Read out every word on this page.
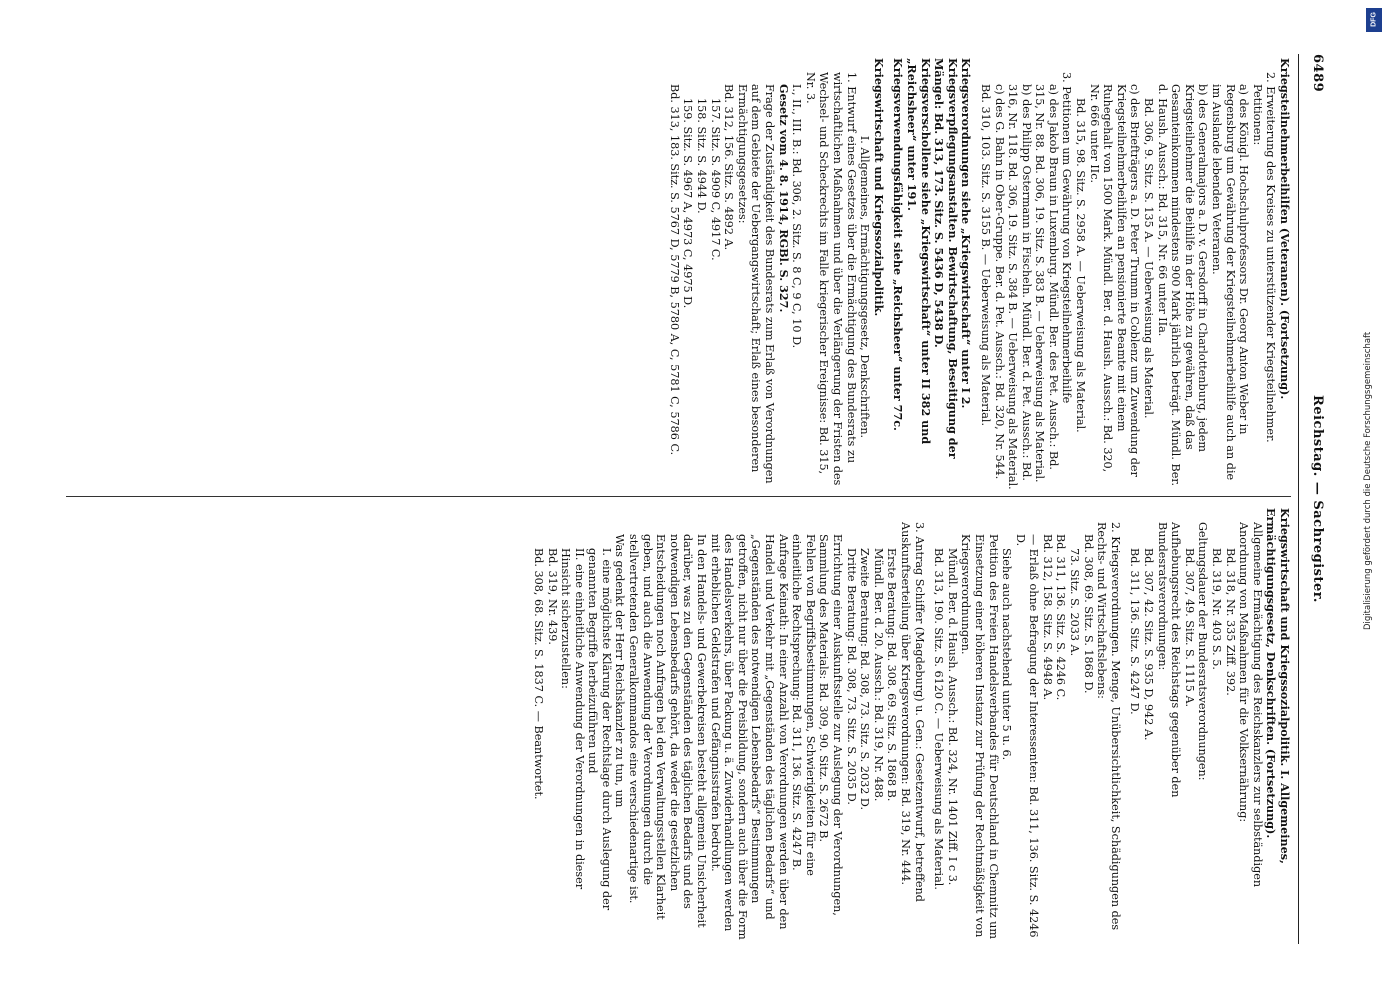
6489
Reichstag. — Sachregister.
Kriegsteilnehmerbeihilfen (Veteranen). (Fortsetzung).
2. Erweiterung des Kreises zu unterstützender Kriegsteilnehmer.
Petitionen:
a) des Königl. Hochschulprofessors Dr. Georg Anton Weber in Regensburg um Gewährung der Kriegsteilnehmerbeihilfe auch an die im Auslande lebenden Veteranen.
b) des Generalmajors a. D. v. Gersdorff in Charlottenburg, jedem Kriegsteilnehmer die Beihilfe in der Höhe zu gewähren, daß das Gesamteinkommen mindestens 900 Mark jährlich beträgt. Mündl. Ber. d. Haush. Aussch.: Bd. 315, Nr. 66 unter IIa.
Bd. 306, 9. Sitz. S. 135 A. — Ueberweisung als Material.
c) des Briefträgers a. D. Peter Trumm in Coblenz um Zuwendung der Kriegsteilnehmerbeihilfen an pensionierte Beamte mit einem Ruhegehalt von 1500 Mark. Mündl. Ber. d. Haush. Aussch.: Bd. 320, Nr. 666 unter IIc.
Bd. 315, 98. Sitz. S. 2958 A. — Ueberweisung als Material.
3. Petitionen um Gewährung von Kriegsteilnehmerbeihilfe
a) des Jakob Braun in Luxemburg. Mündl. Ber. des Pet. Aussch.: Bd. 315, Nr. 88. Bd. 306, 19. Sitz. S. 383 B. — Ueberweisung als Material.
b) des Philipp Ostermann in Fischeln. Mündl. Ber. d. Pet. Aussch.: Bd. 316, Nr. 118. Bd. 306, 19. Sitz. S. 384 B. — Ueberweisung als Material.
c) des G. Bahn in Ober-Gruppe. Ber. d. Pet. Aussch.: Bd. 320, Nr. 544. Bd. 310, 103. Sitz. S. 3155 B. — Ueberweisung als Material.
Kriegsverordnungen siehe „Kriegswirtschaft“ unter I 2.
Kriegsverpflegungsanstalten. Bewirtschaftung, Beseitigung der Mängel: Bd. 313, 173. Sitz. S. 5436 D, 5438 D.
Kriegsverschollene siehe „Kriegswirtschaft“ unter II 382 und „Reichsheer“ unter 191.
Kriegsverwendungsfähigkeit siehe „Reichsheer“ unter 77c.
Kriegswirtschaft und Kriegssozialpolitik.
I. Allgemeines, Ermächtigungsgesetz, Denkschriften.
1. Entwurf eines Gesetzes über die Ermächtigung des Bundesrats zu wirtschaftlichen Maßnahmen und über die Verlängerung der Fristen des Wechsel- und Scheckrechts im Falle kriegerischer Ereignisse: Bd. 315, Nr. 3.
I., II., III. B.: Bd. 306, 2. Sitz. S. 8 C, 9 C, 10 D.
Gesetz vom 4. 8. 1914, RGBl. S. 327.
Frage der Zuständigkeit des Bundesrats zum Erlaß von Verordnungen auf dem Gebiete der Uebergangswirtschaft; Erlaß eines besonderen Ermächtigungsgesetzes:
Bd. 312, 156. Sitz. S. 4892 A.
157. Sitz. S. 4909 C, 4917 C.
158. Sitz. S. 4944 D.
159. Sitz. S. 4967 A, 4973 C, 4975 D.
Bd. 313, 183. Sitz. S. 5767 D, 5779 B, 5780 A, C, 5781 C, 5786 C.
Kriegswirtschaft und Kriegssozialpolitik. I. Allgemeines, Ermächtigungsgesetz, Denkschriften. (Fortsetzung).
Allgemeine Ermächtigung des Reichskanzlers zur selbständigen Anordnung von Maßnahmen für die Volksernährung:
Bd. 318, Nr. 335 Ziff. 392.
Bd. 319, Nr. 403 S. 5.
Geltungsdauer der Bundesratsverordnungen:
Bd. 307, 49. Sitz. S. 1115 A.
Aufhebungsrecht des Reichstags gegenüber den Bundesratsverordnungen:
Bd. 307, 42. Sitz. S. 935 D, 942 A.
Bd. 311, 136. Sitz. S. 4247 D.
2. Kriegsverordnungen. Menge, Unübersichtlichkeit, Schädigungen des Rechts- und Wirtschaftslebens:
Bd. 308, 69. Sitz. S. 1868 D.
73. Sitz. S. 2033 A.
Bd. 311, 136. Sitz. S. 4246 C.
Bd. 312, 158. Sitz. S. 4948 A.
— Erlaß ohne Befragung der Interessenten: Bd. 311, 136. Sitz. S. 4246 D.
Siehe auch nachstehend unter 5 u. 6.
Petition des Freien Handelsverbandes für Deutschland in Chemnitz um Einsetzung einer höheren Instanz zur Prüfung der Rechtmäßigkeit von Kriegsverordnungen.
Mündl. Ber. d. Haush. Aussch.: Bd. 324, Nr. 1401 Ziff. I c 3.
Bd. 313, 190. Sitz. S. 6120 C. — Ueberweisung als Material.
3. Antrag Schiffer (Magdeburg) u. Gen.: Gesetzentwurf, betreffend Auskunftserteilung über Kriegsverordnungen: Bd. 319, Nr. 444.
Erste Beratung: Bd. 308. 69. Sitz. S. 1868 B.
Mündl. Ber. d. 20. Aussch.: Bd. 319, Nr. 488.
Zweite Beratung: Bd. 308, 73. Sitz. S. 2032 D.
Dritte Beratung: Bd. 308, 73. Sitz. S. 2035 D.
Errichtung einer Auskunftsstelle zur Auslegung der Verordnungen, Sammlung des Materials: Bd. 309, 90. Sitz. S. 2672 B.
Fehlen von Begriffsbestimmungen, Schwierigkeiten für eine einheitliche Rechtsprechung: Bd. 311, 136. Sitz. S. 4247 B.
Anfrage Keinath: In einer Anzahl von Verordnungen werden über den Handel und Verkehr mit „Gegenständen des täglichen Bedarfs“ und „Gegenständen des notwendigen Lebensbedarfs“ Bestimmungen getroffen, nicht nur über die Preisbildung, sondern auch über die Form des Handelsverkehrs, über Packung u. ä. Zuwiderhandlungen werden mit erheblichen Geldstrafen und Gefängnisstrafen bedroht.
In den Handels- und Gewerbekreisen besteht allgemein Unsicherheit darüber, was zu den Gegenständen des täglichen Bedarfs und des notwendigen Lebensbedarfs gehört, da weder die gesetzlichen Entscheidungen noch Anfragen bei den Verwaltungsstellen Klarheit geben, und auch die Anwendung der Verordnungen durch die stellvertretenden Generalkommandos eine verschiedenartige ist.
Was gedenkt der Herr Reichskanzler zu tun, um
I. eine möglichste Klärung der Rechtslage durch Auslegung der genannten Begriffe herbeizuführen und
II. eine einheitliche Anwendung der Verordnungen in dieser Hinsicht sicherzustellen:
Bd. 319, Nr. 439.
Bd. 308, 68. Sitz. S. 1837 C. — Beantwortet.
Digitalisierung gefördert durch die Deutsche Forschungsgemeinschaft
DFG
